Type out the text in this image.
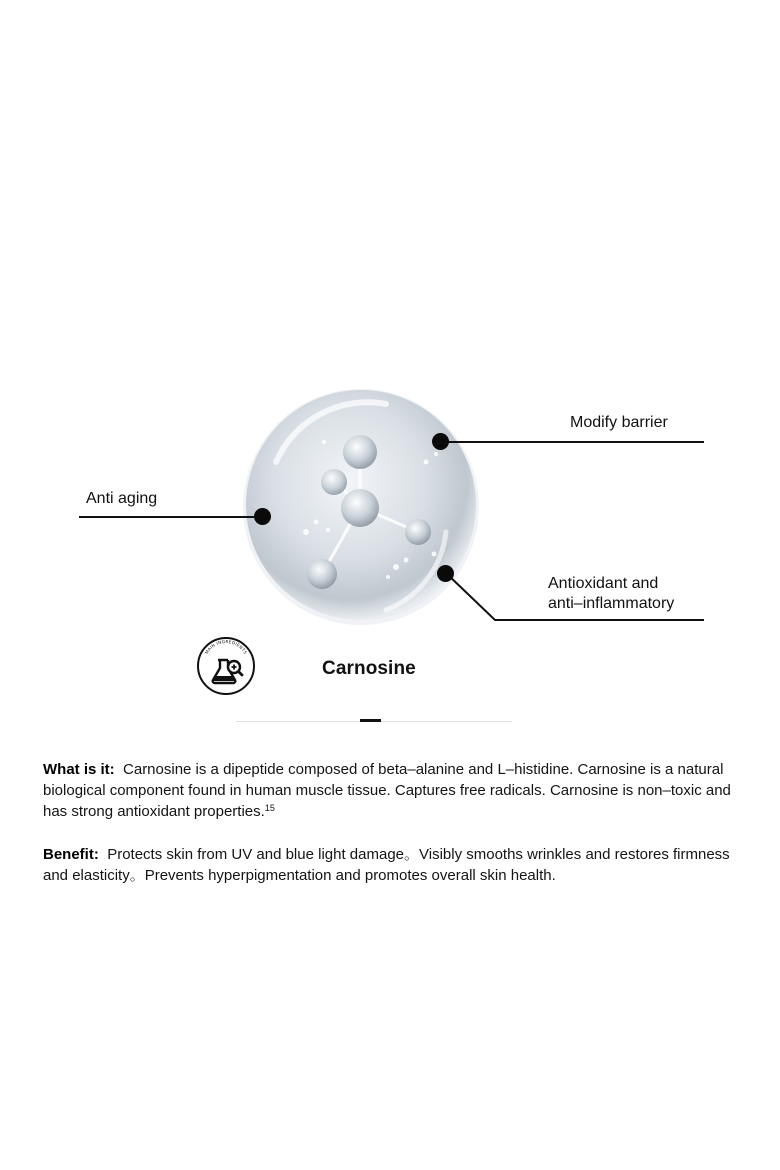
Modify barrier
Anti aging
Antioxidant and
anti–inflammatory
MAIN INGREDIENTS
Carnosine
What is it: Carnosine is a dipeptide composed of beta–alanine and L–histidine. Carnosine is a natural biological component found in human muscle tissue. Captures free radicals. Carnosine is non–toxic and has strong antioxidant properties.$^{15}$
Benefit: Protects skin from UV and blue light damage。Visibly smooths wrinkles and restores firmness and elasticity。Prevents hyperpigmentation and promotes overall skin health.
